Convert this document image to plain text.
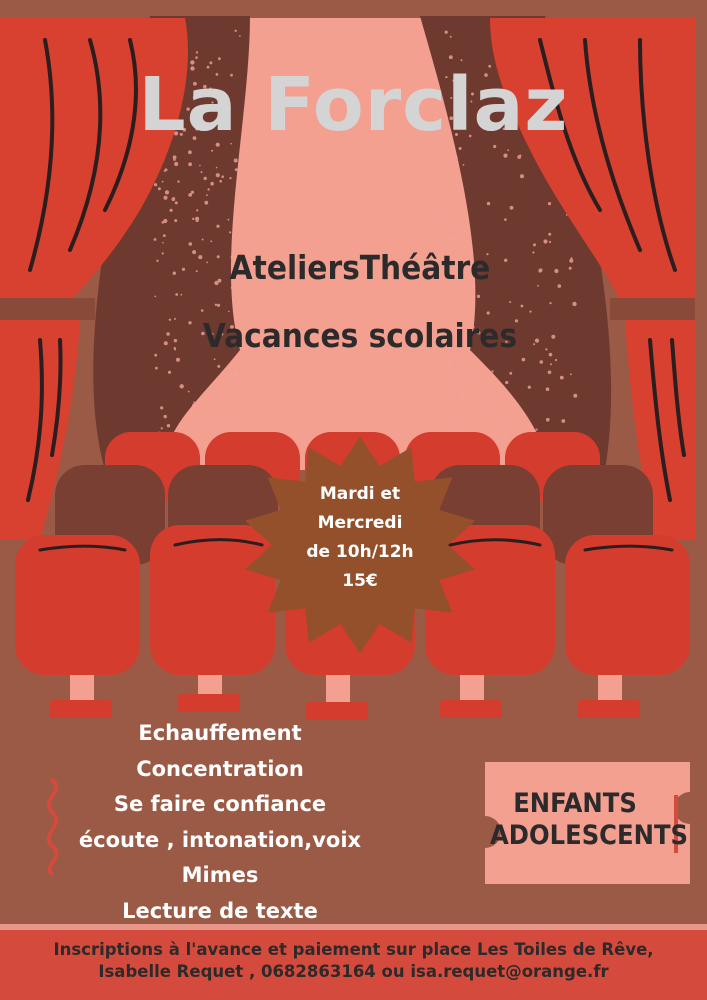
La Forclaz
AteliersThéâtre
Vacances scolaires
Mardi et
Mercredi
de 10h/12h
15€
Echauffement
Concentration
Se faire confiance
écoute , intonation,voix
Mimes
Lecture de texte
ENFANTS
ADOLESCENTS
Inscriptions à l'avance et paiement sur place Les Toiles de Rêve,
Isabelle Requet , 0682863164 ou isa.requet@orange.fr
